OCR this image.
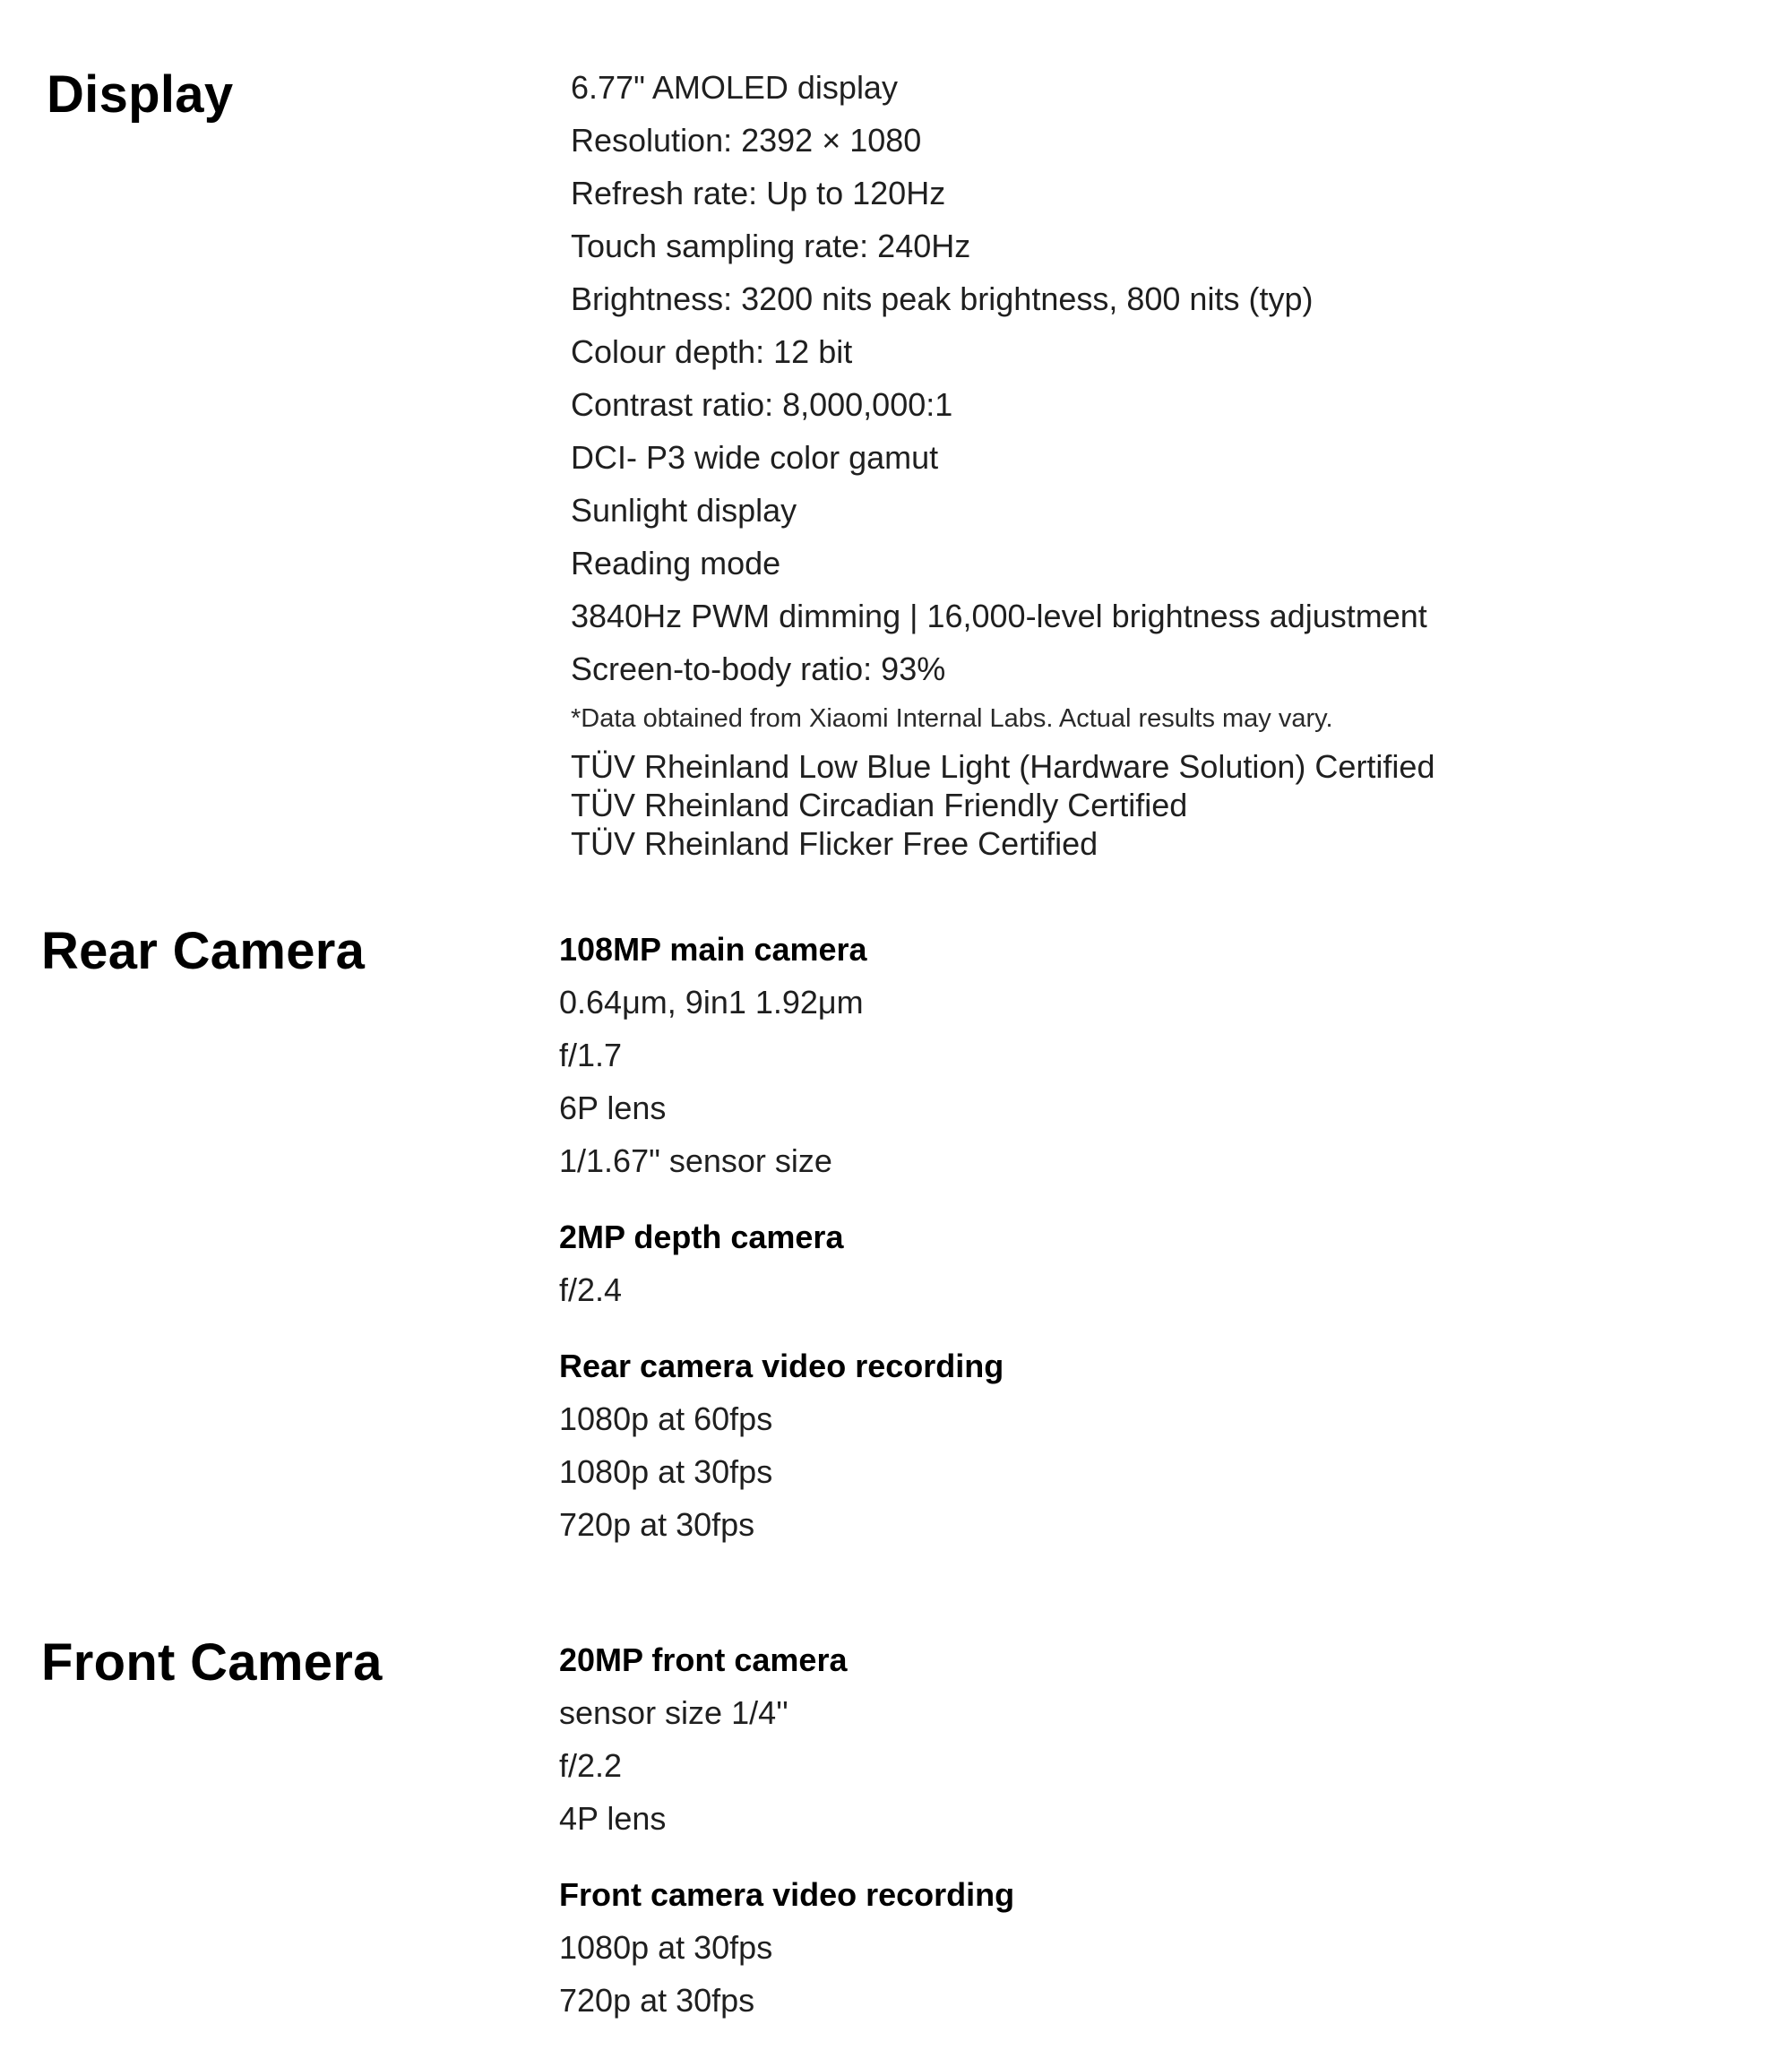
Display	6.77" AMOLED display
Resolution: 2392 × 1080
Refresh rate: Up to 120Hz
Touch sampling rate: 240Hz
Brightness: 3200 nits peak brightness, 800 nits (typ)
Colour depth: 12 bit
Contrast ratio: 8,000,000:1
DCI- P3 wide color gamut
Sunlight display
Reading mode
3840Hz PWM dimming | 16,000-level brightness adjustment
Screen-to-body ratio: 93%
*Data obtained from Xiaomi Internal Labs. Actual results may vary.
TÜV Rheinland Low Blue Light (Hardware Solution) Certified
TÜV Rheinland Circadian Friendly Certified
TÜV Rheinland Flicker Free Certified
Rear Camera	108MP main camera
0.64μm, 9in1 1.92μm
f/1.7
6P lens
1/1.67" sensor size
2MP depth camera
f/2.4
Rear camera video recording
1080p at 60fps
1080p at 30fps
720p at 30fps
Front Camera	20MP front camera
sensor size 1/4''
f/2.2
4P lens
Front camera video recording
1080p at 30fps
720p at 30fps
